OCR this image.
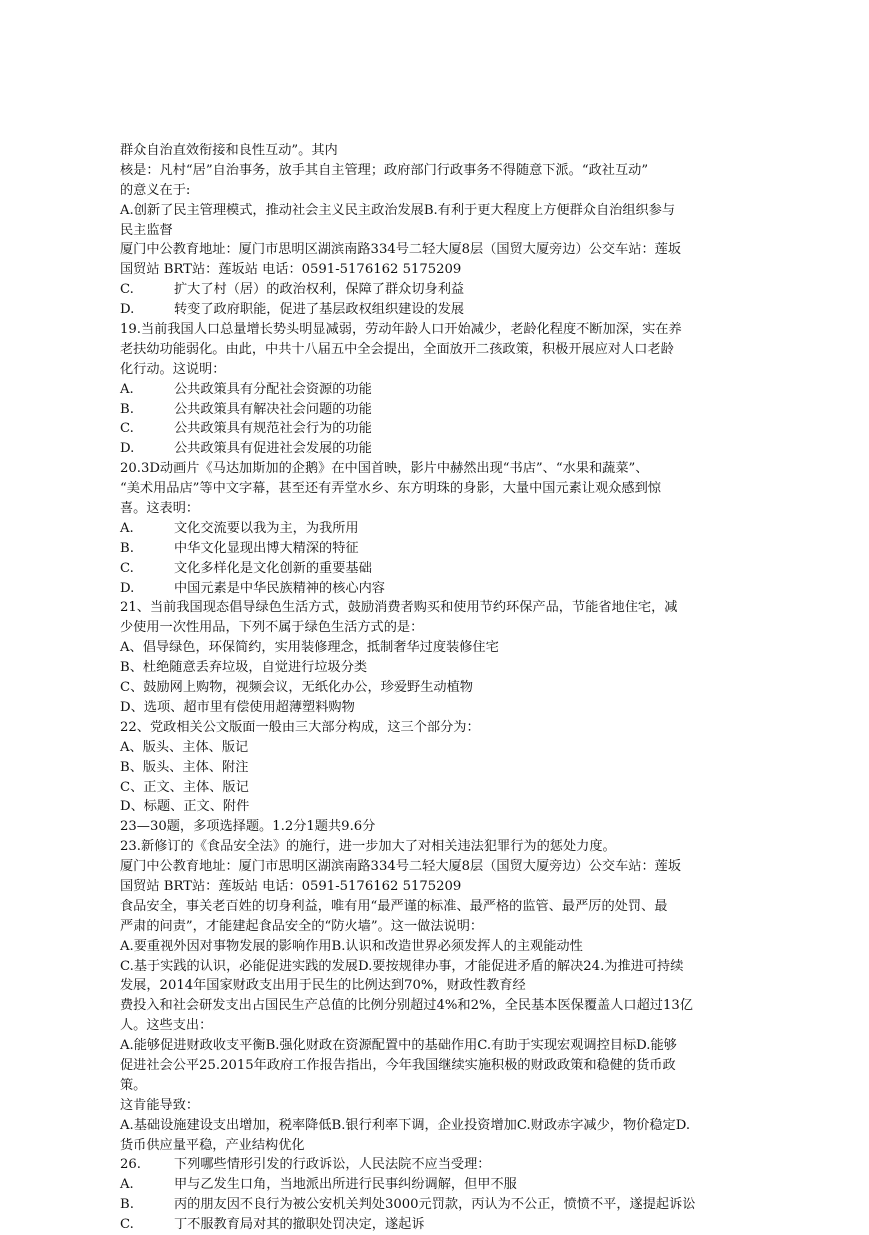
群众自治直效衔接和良性互动”。其内
核是：凡村“居”自治事务，放手其自主管理；政府部门行政事务不得随意下派。“政社互动”
的意义在于:
A.创新了民主管理模式，推动社会主义民主政治发展B.有利于更大程度上方便群众自治组织参与
民主监督
厦门中公教育地址：厦门市思明区湖滨南路334号二轻大厦8层（国贸大厦旁边）公交车站：莲坂
国贸站 BRT站：莲坂站 电话：0591-5176162 5175209
C.	扩大了村（居）的政治权利，保障了群众切身利益
D.	转变了政府职能，促进了基层政权组织建设的发展
19.当前我国人口总量增长势头明显减弱，劳动年龄人口开始减少，老龄化程度不断加深，实在养
老扶幼功能弱化。由此，中共十八届五中全会提出，全面放开二孩政策，积极开展应对人口老龄
化行动。这说明：
A.	公共政策具有分配社会资源的功能
B.	公共政策具有解决社会问题的功能
C.	公共政策具有规范社会行为的功能
D.	公共政策具有促进社会发展的功能
20.3D动画片《马达加斯加的企鹅》在中国首映，影片中赫然出现“书店”、“水果和蔬菜”、
“美术用品店”等中文字幕，甚至还有弄堂水乡、东方明珠的身影，大量中国元素让观众感到惊
喜。这表明：
A.	文化交流要以我为主，为我所用
B.	中华文化显现出博大精深的特征
C.	文化多样化是文化创新的重要基础
D.	中国元素是中华民族精神的核心内容
21、当前我国现态倡导绿色生活方式，鼓励消费者购买和使用节约环保产品，节能省地住宅，减
少使用一次性用品，下列不属于绿色生活方式的是：
A、倡导绿色，环保简约，实用装修理念，抵制奢华过度装修住宅
B、杜绝随意丢弃垃圾，自觉进行垃圾分类
C、鼓励网上购物，视频会议，无纸化办公，珍爱野生动植物
D、选项、超市里有偿使用超薄塑料购物
22、党政相关公文版面一般由三大部分构成，这三个部分为：
A、版头、主体、版记
B、版头、主体、附注
C、正文、主体、版记
D、标题、正文、附件
23—30题，多项选择题。1.2分1题共9.6分
23.新修订的《食品安全法》的施行，进一步加大了对相关违法犯罪行为的惩处力度。
厦门中公教育地址：厦门市思明区湖滨南路334号二轻大厦8层（国贸大厦旁边）公交车站：莲坂
国贸站 BRT站：莲坂站 电话：0591-5176162 5175209
食品安全，事关老百姓的切身利益，唯有用“最严谨的标准、最严格的监管、最严厉的处罚、最
严肃的问责”，才能建起食品安全的“防火墙”。这一做法说明：
A.要重视外因对事物发展的影响作用B.认识和改造世界必须发挥人的主观能动性
C.基于实践的认识，必能促进实践的发展D.要按规律办事，才能促进矛盾的解决24.为推进可持续
发展，2014年国家财政支出用于民生的比例达到70%，财政性教育经
费投入和社会研发支出占国民生产总值的比例分别超过4%和2%，全民基本医保覆盖人口超过13亿
人。这些支出：
A.能够促进财政收支平衡B.强化财政在资源配置中的基础作用C.有助于实现宏观调控目标D.能够
促进社会公平25.2015年政府工作报告指出，今年我国继续实施积极的财政政策和稳健的货币政
策。
这肯能导致：
A.基础设施建设支出增加，税率降低B.银行利率下调，企业投资增加C.财政赤字减少，物价稳定D.
货币供应量平稳，产业结构优化
26.	下列哪些情形引发的行政诉讼，人民法院不应当受理：
A.	甲与乙发生口角，当地派出所进行民事纠纷调解，但甲不服
B.	丙的朋友因不良行为被公安机关判处3000元罚款，丙认为不公正，愤愤不平，遂提起诉讼
C.	丁不服教育局对其的撤职处罚决定，遂起诉
